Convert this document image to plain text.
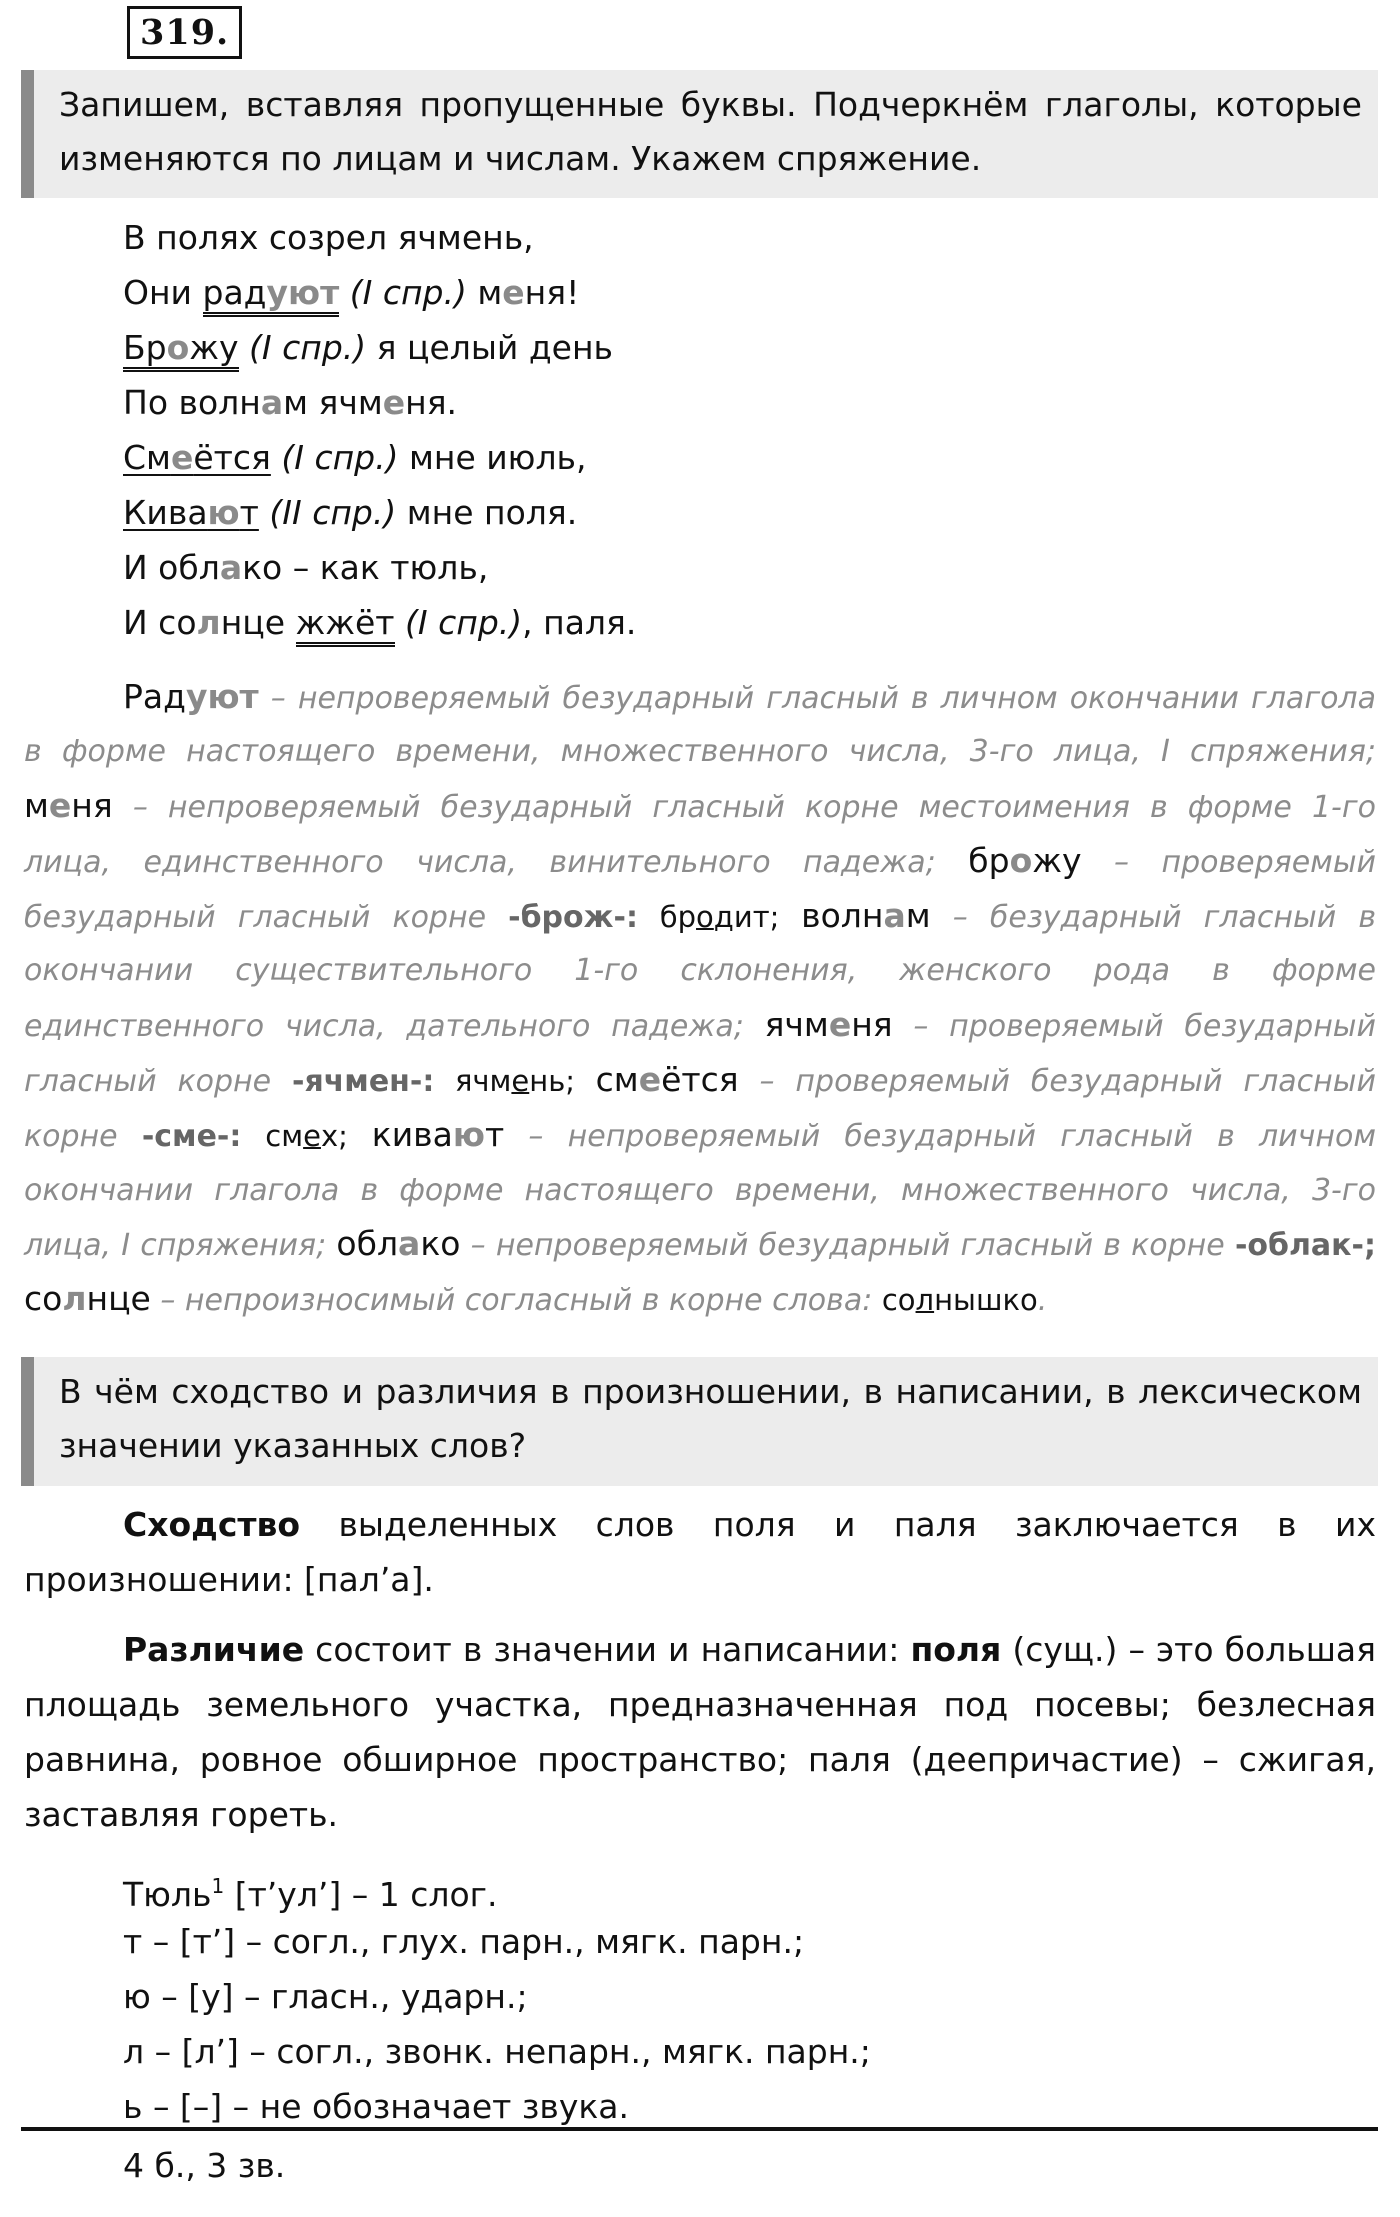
319.
Запишем, вставляя пропущенные буквы. Подчеркнём глаголы, которые изменяются по лицам и числам. Укажем спряжение.
В полях созрел ячмень,
Они радуют (I спр.) меня!
Брожу (I спр.) я целый день
По волнам ячменя.
Смеётся (I спр.) мне июль,
Кивают (II спр.) мне поля.
И облако – как тюль,
И солнце жжёт (I спр.), паля.
Радуют – непроверяемый безударный гласный в личном окончании глагола в форме настоящего времени, множественного числа, 3-го лица, I спряжения; меня – непроверяемый безударный гласный корне местоимения в форме 1-го лица, единственного числа, винительного падежа; брожу – проверяемый безударный гласный корне -брож-: бродит; волнам – безударный гласный в окончании существительного 1-го склонения, женского рода в форме единственного числа, дательного падежа; ячменя – проверяемый безударный гласный корне -ячмен-: ячмень; смеётся – проверяемый безударный гласный корне -сме-: смех; кивают – непроверяемый безударный гласный в личном окончании глагола в форме настоящего времени, множественного числа, 3-го лица, I спряжения; облако – непроверяемый безударный гласный в корне -облак-; солнце – непроизносимый согласный в корне слова: солнышко.
В чём сходство и различия в произношении, в написании, в лексическом значении указанных слов?
Сходство выделенных слов поля и паля заключается в их произношении: [пал’а].
Различие состоит в значении и написании: поля (сущ.) – это большая площадь земельного участка, предназначенная под посевы; безлесная равнина, ровное обширное пространство; паля (деепричастие) – сжигая, заставляя гореть.
Тюль$^1$ [т’ул’] – 1 слог.
т – [т’] – согл., глух. парн., мягк. парн.;
ю – [у] – гласн., ударн.;
л – [л’] – согл., звонк. непарн., мягк. парн.;
ь – [–] – не обозначает звука.
4 б., 3 зв.
